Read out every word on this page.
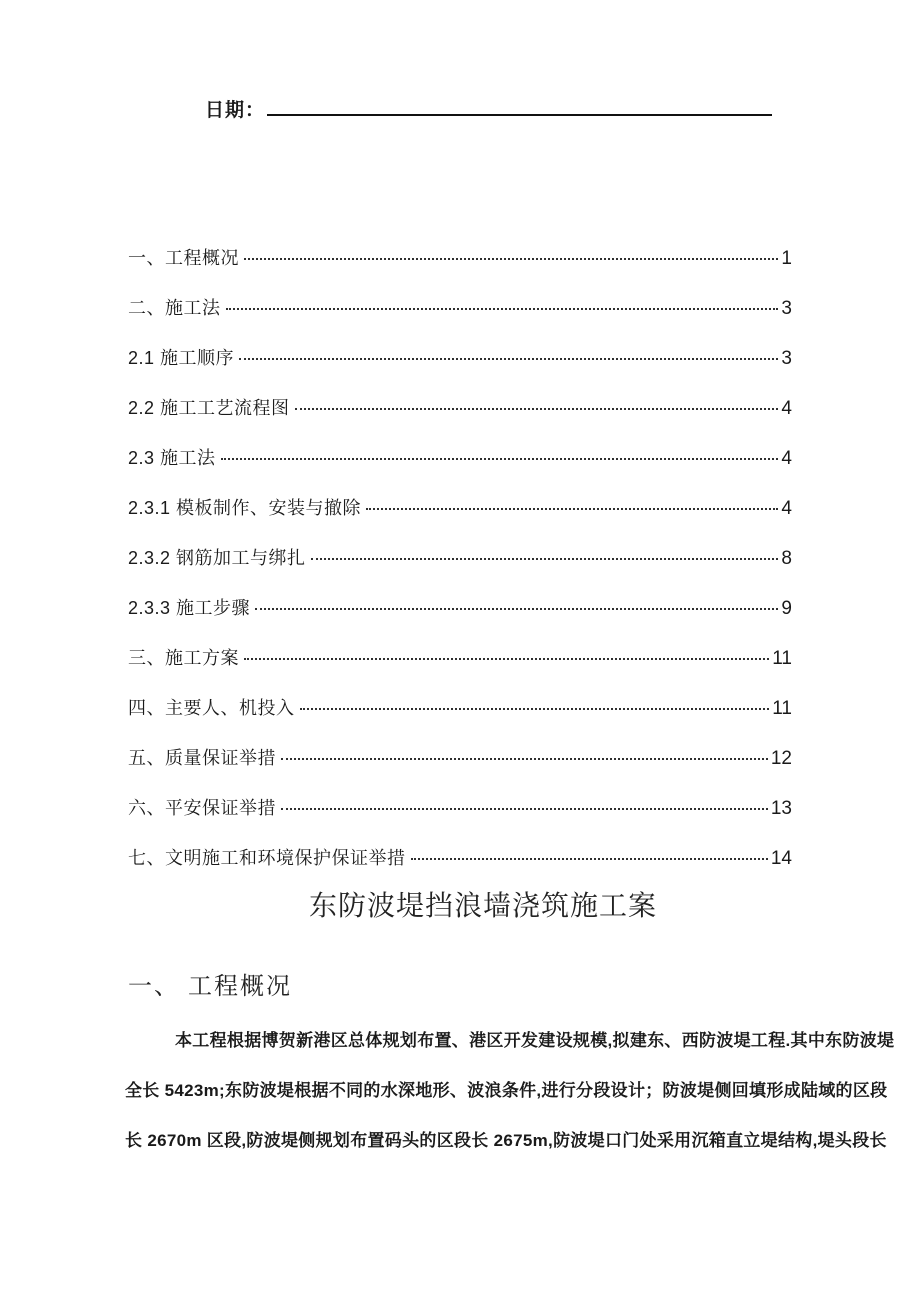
日期：
一、工程概况	1
二、施工法	3
2.1 施工顺序	3
2.2 施工工艺流程图	4
2.3 施工法	4
2.3.1 模板制作、安装与撤除	4
2.3.2 钢筋加工与绑扎	8
2.3.3 施工步骤	9
三、施工方案	11
四、主要人、机投入	11
五、质量保证举措	12
六、平安保证举措	13
七、文明施工和环境保护保证举措	14
东防波堤挡浪墙浇筑施工案
一、 工程概况
本工程根据博贺新港区总体规划布置、港区开发建设规模,拟建东、西防波堤工程.其中东防波堤
全长 5423m;东防波堤根据不同的水深地形、波浪条件,进行分段设计；防波堤侧回填形成陆域的区段
长 2670m 区段,防波堤侧规划布置码头的区段长 2675m,防波堤口门处采用沉箱直立堤结构,堤头段长
